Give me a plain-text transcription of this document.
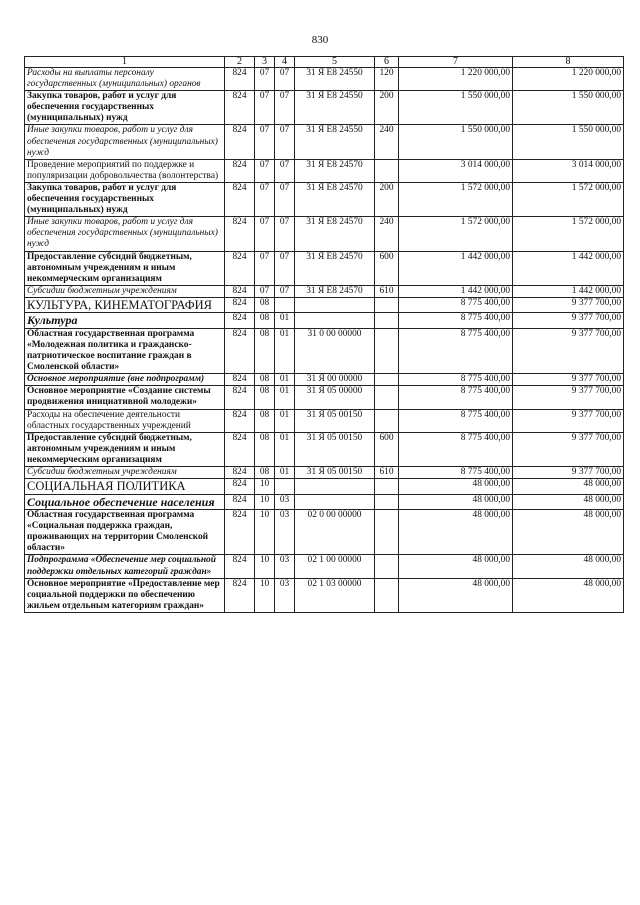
830
1	2	3	4	5	6	7	8
Расходы на выплаты персоналу государственных (муниципальных) органов	824	07	07	31 Я Е8 24550	120	1 220 000,00	1 220 000,00
Закупка товаров, работ и услуг для обеспечения государственных (муниципальных) нужд	824	07	07	31 Я Е8 24550	200	1 550 000,00	1 550 000,00
Иные закупки товаров, работ и услуг для обеспечения государственных (муниципальных) нужд	824	07	07	31 Я Е8 24550	240	1 550 000,00	1 550 000,00
Проведение мероприятий по поддержке и популяризации добровольчества (волонтерства)	824	07	07	31 Я Е8 24570		3 014 000,00	3 014 000,00
Закупка товаров, работ и услуг для обеспечения государственных (муниципальных) нужд	824	07	07	31 Я Е8 24570	200	1 572 000,00	1 572 000,00
Иные закупки товаров, работ и услуг для обеспечения государственных (муниципальных) нужд	824	07	07	31 Я Е8 24570	240	1 572 000,00	1 572 000,00
Предоставление субсидий бюджетным, автономным учреждениям и иным некоммерческим организациям	824	07	07	31 Я Е8 24570	600	1 442 000,00	1 442 000,00
Субсидии бюджетным учреждениям	824	07	07	31 Я Е8 24570	610	1 442 000,00	1 442 000,00
КУЛЬТУРА, КИНЕМАТОГРАФИЯ	824	08				8 775 400,00	9 377 700,00
Культура	824	08	01			8 775 400,00	9 377 700,00
Областная государственная программа «Молодежная политика и гражданско-патриотическое воспитание граждан в Смоленской области»	824	08	01	31 0 00 00000		8 775 400,00	9 377 700,00
Основное мероприятие (вне подпрограмм)	824	08	01	31 Я 00 00000		8 775 400,00	9 377 700,00
Основное мероприятие «Создание системы продвижения инициативной молодежи»	824	08	01	31 Я 05 00000		8 775 400,00	9 377 700,00
Расходы на обеспечение деятельности областных государственных учреждений	824	08	01	31 Я 05 00150		8 775 400,00	9 377 700,00
Предоставление субсидий бюджетным, автономным учреждениям и иным некоммерческим организациям	824	08	01	31 Я 05 00150	600	8 775 400,00	9 377 700,00
Субсидии бюджетным учреждениям	824	08	01	31 Я 05 00150	610	8 775 400,00	9 377 700,00
СОЦИАЛЬНАЯ ПОЛИТИКА	824	10				48 000,00	48 000,00
Социальное обеспечение населения	824	10	03			48 000,00	48 000,00
Областная государственная программа «Социальная поддержка граждан, проживающих на территории Смоленской области»	824	10	03	02 0 00 00000		48 000,00	48 000,00
Подпрограмма «Обеспечение мер социальной поддержки отдельных категорий граждан»	824	10	03	02 1 00 00000		48 000,00	48 000,00
Основное мероприятие «Предоставление мер социальной поддержки по обеспечению жильем отдельным категориям граждан»	824	10	03	02 1 03 00000		48 000,00	48 000,00
